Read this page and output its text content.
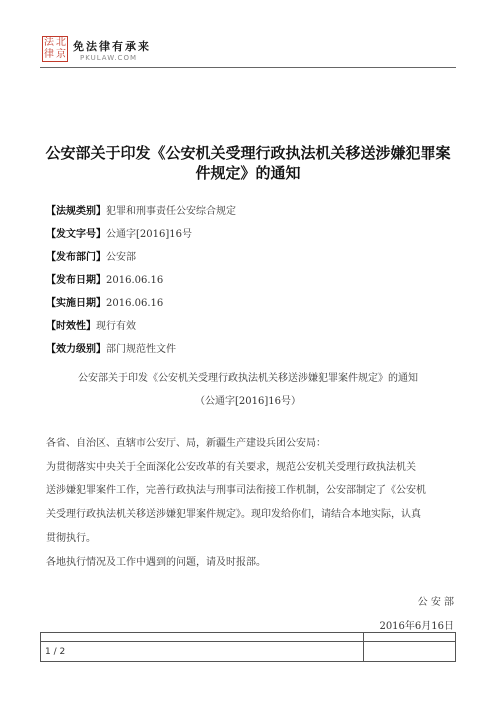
法 北
律 京
免法律有承来
PKULAW.COM
公安部关于印发《公安机关受理行政执法机关移送涉嫌犯罪案件规定》的通知
【法规类别】犯罪和刑事责任公安综合规定
【发文字号】公通字[2016]16号
【发布部门】公安部
【发布日期】2016.06.16
【实施日期】2016.06.16
【时效性】现行有效
【效力级别】部门规范性文件
公安部关于印发《公安机关受理行政执法机关移送涉嫌犯罪案件规定》的通知
（公通字[2016]16号）
各省、自治区、直辖市公安厅、局，新疆生产建设兵团公安局：
为贯彻落实中央关于全面深化公安改革的有关要求，规范公安机关受理行政执法机关
送涉嫌犯罪案件工作，完善行政执法与刑事司法衔接工作机制，公安部制定了《公安机
关受理行政执法机关移送涉嫌犯罪案件规定》。现印发给你们，请结合本地实际，认真
贯彻执行。
各地执行情况及工作中遇到的问题，请及时报部。
公 安 部
2016年6月16日
1 / 2
